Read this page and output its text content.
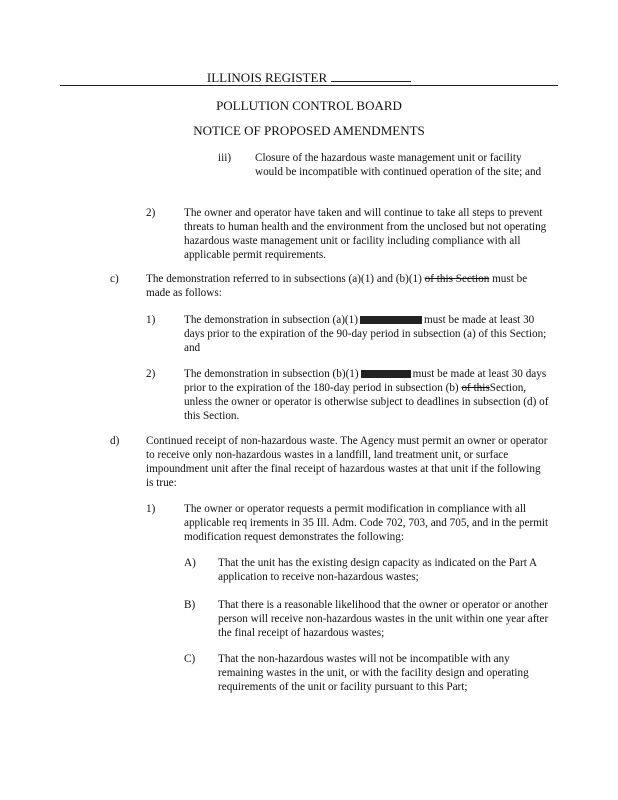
ILLINOIS REGISTER
POLLUTION CONTROL BOARD
NOTICE OF PROPOSED AMENDMENTS
iii) Closure of the hazardous waste management unit or facility would be incompatible with continued operation of the site; and
2)	The owner and operator have taken and will continue to take all steps to prevent threats to human health and the environment from the unclosed but not operating hazardous waste management unit or facility including compliance with all applicable permit requirements.
c) The demonstration referred to in subsections (a)(1) and (b)(1) of this Section must be made as follows:
1)	The demonstration in subsection (a)(1)	must be made at least 30 days prior to the expiration of the 90-day period in subsection (a) of this Section; and
2)	The demonstration in subsection (b)(1)	must be made at least 30 days prior to the expiration of the 180-day period in subsection (b) of thisSection, unless the owner or operator is otherwise subject to deadlines in subsection (d) of this Section.
d) Continued receipt of non-hazardous waste. The Agency must permit an owner or operator to receive only non-hazardous wastes in a landfill, land treatment unit, or surface impoundment unit after the final receipt of hazardous wastes at that unit if the following is true:
1)	The owner or operator requests a permit modification in compliance with all applicable req irements in 35 Ill. Adm. Code 702, 703, and 705, and in the permit modification request demonstrates the following:
A) That the unit has the existing design capacity as indicated on the Part A application to receive non-hazardous wastes;
B) That there is a reasonable likelihood that the owner or operator or another person will receive non-hazardous wastes in the unit within one year after the final receipt of hazardous wastes;
C) That the non-hazardous wastes will not be incompatible with any remaining wastes in the unit, or with the facility design and operating requirements of the unit or facility pursuant to this Part;
